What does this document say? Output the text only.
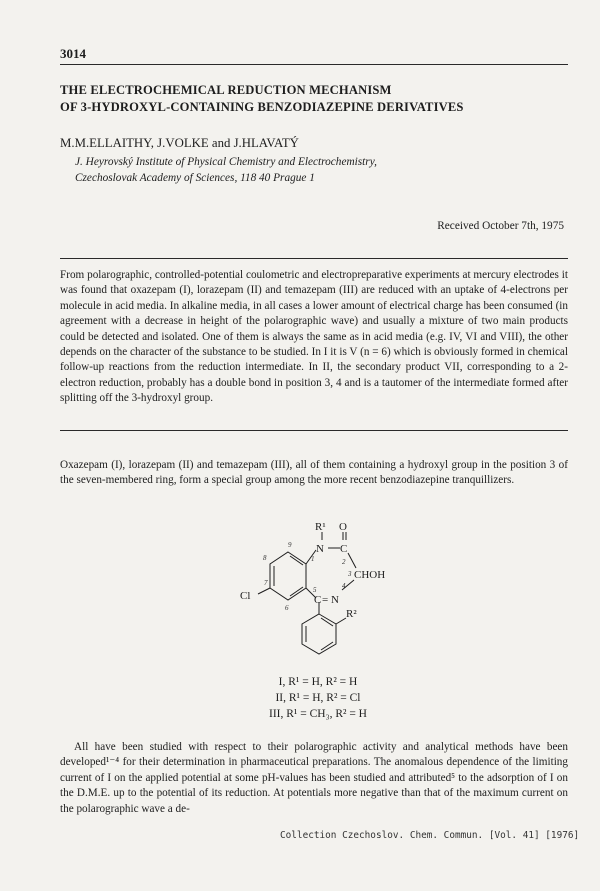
3014
THE ELECTROCHEMICAL REDUCTION MECHANISM
OF 3-HYDROXYL-CONTAINING BENZODIAZEPINE DERIVATIVES
M.M.ELLAITHY, J.VOLKE and J.HLAVATÝ
J. Heyrovský Institute of Physical Chemistry and Electrochemistry,
Czechoslovak Academy of Sciences, 118 40 Prague 1
Received October 7th, 1975
From polarographic, controlled-potential coulometric and electropreparative experiments at mercury electrodes it was found that oxazepam (I), lorazepam (II) and temazepam (III) are reduced with an uptake of 4-electrons per molecule in acid media. In alkaline media, in all cases a lower amount of electrical charge has been consumed (in agreement with a decrease in height of the polarographic wave) and usually a mixture of two main products could be detected and isolated. One of them is always the same as in acid media (e.g. IV, VI and VIII), the other depends on the character of the substance to be studied. In I it is V (n = 6) which is obviously formed in chemical follow-up reactions from the reduction intermediate. In II, the secondary product VII, corresponding to a 2-electron reduction, probably has a double bond in position 3, 4 and is a tautomer of the intermediate formed after splitting off the 3-hydroxyl group.
Oxazepam (I), lorazepam (II) and temazepam (III), all of them containing a hydroxyl group in the position 3 of the seven-membered ring, form a special group among the more recent benzodiazepine tranquillizers.
R¹ O
N C
CHOH
C = N
Cl
R²
1	2
3
4
5
6
7
8
9
I, R¹ = H, R² = H
II, R¹ = H, R² = Cl
III, R¹ = CH₃, R² = H
All have been studied with respect to their polarographic activity and analytical methods have been developed¹⁻⁴ for their determination in pharmaceutical preparations. The anomalous dependence of the limiting current of I on the applied potential at some pH-values has been studied and attributed⁵ to the adsorption of I on the D.M.E. up to the potential of its reduction. At potentials more negative than that of the maximum current on the polarographic wave a de-
Collection Czechoslov. Chem. Commun. [Vol. 41] [1976]
